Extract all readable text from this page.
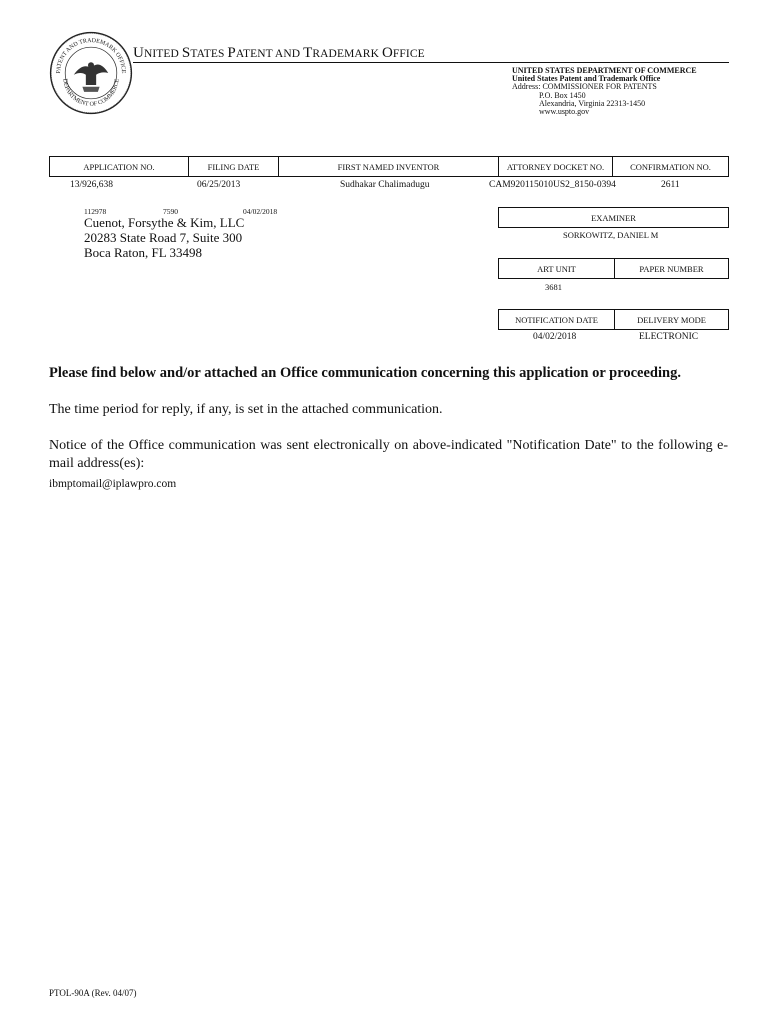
PATENT AND TRADEMARK OFFICE
DEPARTMENT OF COMMERCE
UNITED STATES PATENT AND TRADEMARK OFFICE
UNITED STATES DEPARTMENT OF COMMERCE
United States Patent and Trademark Office
Address: COMMISSIONER FOR PATENTS
P.O. Box 1450
Alexandria, Virginia 22313-1450
www.uspto.gov
APPLICATION NO.	FILING DATE	FIRST NAMED INVENTOR	ATTORNEY DOCKET NO.	CONFIRMATION NO.
13/926,638	06/25/2013	Sudhakar Chalimadugu	CAM920115010US2_8150-0394	2611
112978	7590	04/02/2018
Cuenot, Forsythe & Kim, LLC
20283 State Road 7, Suite 300
Boca Raton, FL 33498
EXAMINER
SORKOWITZ, DANIEL M
ART UNIT	PAPER NUMBER
3681
NOTIFICATION DATE	DELIVERY MODE
04/02/2018	ELECTRONIC
Please find below and/or attached an Office communication concerning this application or proceeding.
The time period for reply, if any, is set in the attached communication.
Notice of the Office communication was sent electronically on above-indicated "Notification Date" to the following e-mail address(es):
ibmptomail@iplawpro.com
PTOL-90A (Rev. 04/07)
